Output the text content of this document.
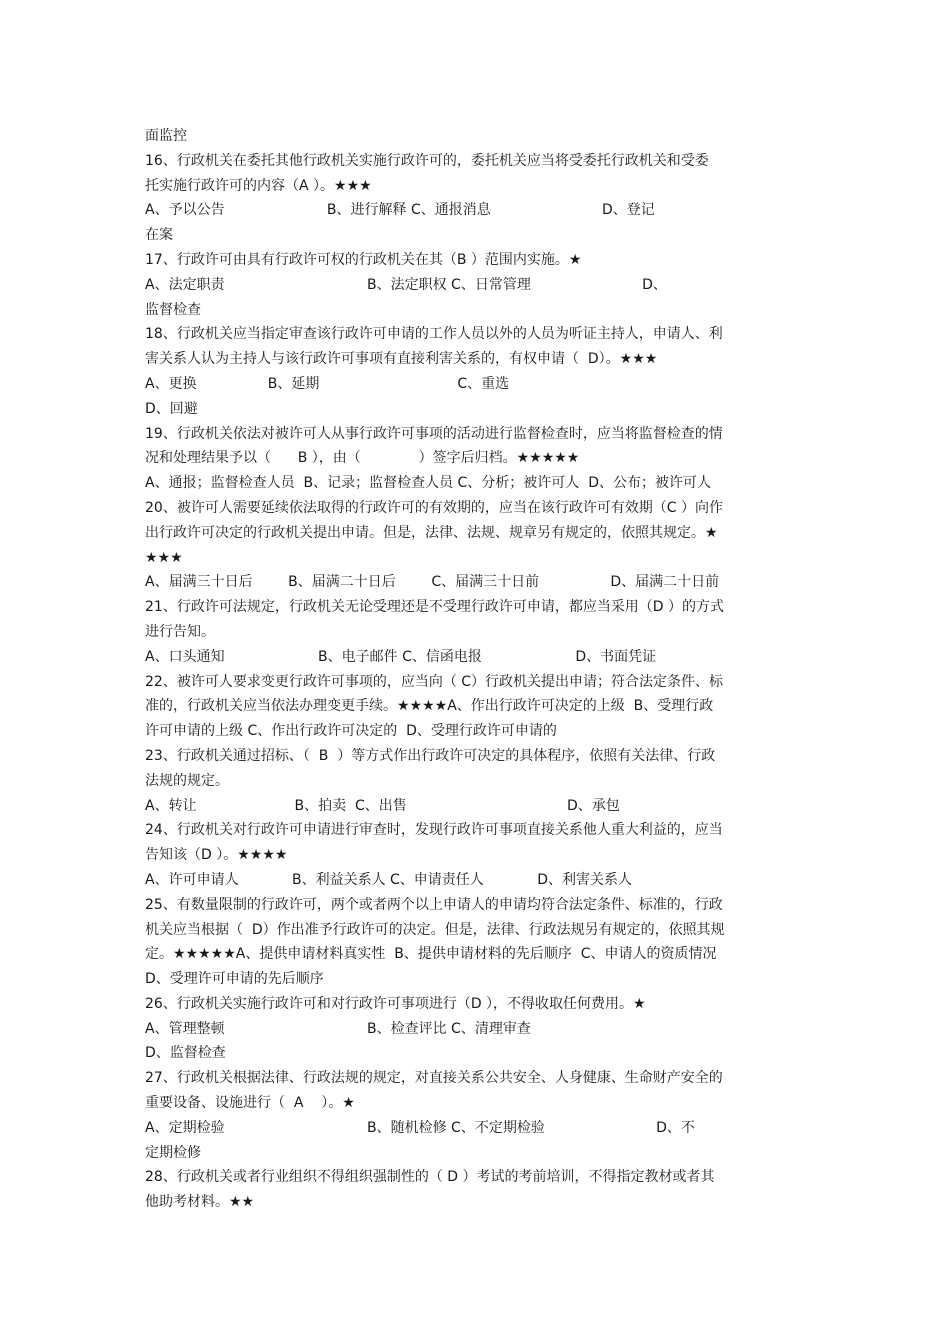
面监控
16、行政机关在委托其他行政机关实施行政许可的，委托机关应当将受委托行政机关和受委
托实施行政许可的内容（A ）。★★★
A、予以公告                       B、进行解释 C、通报消息                         D、登记
在案
17、行政许可由具有行政许可权的行政机关在其（B ）范围内实施。★
A、法定职责                                B、法定职权 C、日常管理                         D、
监督检查
18、行政机关应当指定审查该行政许可申请的工作人员以外的人员为听证主持人，申请人、利
害关系人认为主持人与该行政许可事项有直接利害关系的，有权申请（  D）。★★★
A、更换                B、延期                               C、重选
D、回避
19、行政机关依法对被许可人从事行政许可事项的活动进行监督检查时，应当将监督检查的情
况和处理结果予以（      B ），由（             ）签字后归档。★★★★★
A、通报；监督检查人员  B、记录；监督检查人员 C、分析；被许可人  D、公布；被许可人
20、被许可人需要延续依法取得的行政许可的有效期的，应当在该行政许可有效期（C ）向作
出行政许可决定的行政机关提出申请。但是，法律、法规、规章另有规定的，依照其规定。★
★★★
A、届满三十日后        B、届满二十日后        C、届满三十日前                D、届满二十日前
21、行政许可法规定，行政机关无论受理还是不受理行政许可申请，都应当采用（D ）的方式
进行告知。
A、口头通知                     B、电子邮件 C、信函电报                     D、书面凭证
22、被许可人要求变更行政许可事项的，应当向（ C）行政机关提出申请；符合法定条件、标
准的，行政机关应当依法办理变更手续。★★★★A、作出行政许可决定的上级  B、受理行政
许可申请的上级 C、作出行政许可决定的  D、受理行政许可申请的
23、行政机关通过招标、（  B  ）等方式作出行政许可决定的具体程序，依照有关法律、行政
法规的规定。
A、转让                      B、拍卖  C、出售                                    D、承包
24、行政机关对行政许可申请进行审查时，发现行政许可事项直接关系他人重大利益的，应当
告知该（D ）。★★★★
A、许可申请人            B、利益关系人 C、申请责任人            D、利害关系人
25、有数量限制的行政许可，两个或者两个以上申请人的申请均符合法定条件、标准的，行政
机关应当根据（  D）作出准予行政许可的决定。但是，法律、行政法规另有规定的，依照其规
定。★★★★★A、提供申请材料真实性  B、提供申请材料的先后顺序  C、申请人的资质情况
D、受理许可申请的先后顺序
26、行政机关实施行政许可和对行政许可事项进行（D ），不得收取任何费用。★
A、管理整顿                                B、检查评比 C、清理审查
D、监督检查
27、行政机关根据法律、行政法规的规定，对直接关系公共安全、人身健康、生命财产安全的
重要设备、设施进行（  A    ）。★
A、定期检验                                B、随机检修 C、不定期检验                         D、不
定期检修
28、行政机关或者行业组织不得组织强制性的（ D ）考试的考前培训，不得指定教材或者其
他助考材料。★★
